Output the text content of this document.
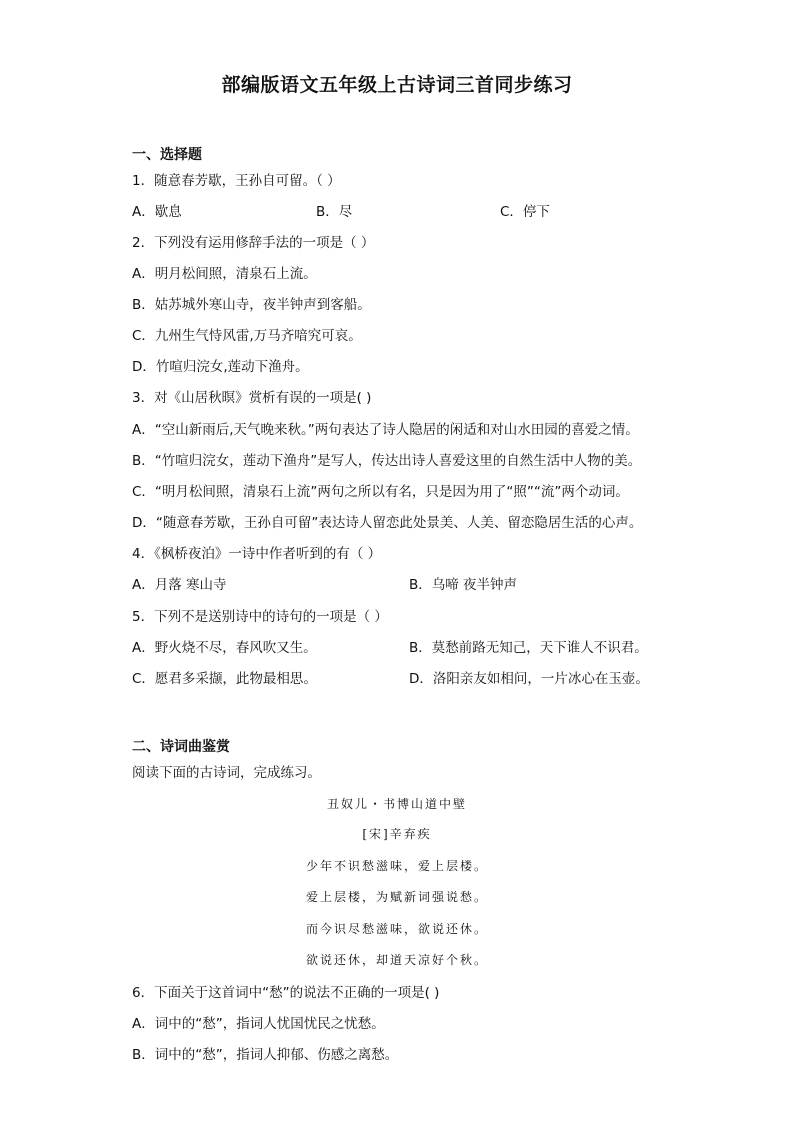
部编版语文五年级上古诗词三首同步练习
一、选择题
1．随意春芳歇，王孙自可留。（ ）
A．歇息	B．尽	C．停下
2．下列没有运用修辞手法的一项是（ ）
A．明月松间照，清泉石上流。
B．姑苏城外寒山寺，夜半钟声到客船。
C．九州生气恃风雷,万马齐喑究可哀。
D．竹喧归浣女,莲动下渔舟。
3．对《山居秋暝》赏析有误的一项是( )
A．“空山新雨后,天气晚来秋。”两句表达了诗人隐居的闲适和对山水田园的喜爱之情。
B．“竹喧归浣女，莲动下渔舟”是写人，传达出诗人喜爱这里的自然生活中人物的美。
C．“明月松间照，清泉石上流”两句之所以有名，只是因为用了“照”“流”两个动词。
D．“随意春芳歇，王孙自可留”表达诗人留恋此处景美、人美、留恋隐居生活的心声。
4．《枫桥夜泊》一诗中作者听到的有（ ）
A．月落 寒山寺	B．乌啼 夜半钟声
5．下列不是送别诗中的诗句的一项是（ ）
A．野火烧不尽，春风吹又生。	B．莫愁前路无知己，天下谁人不识君。
C．愿君多采撷，此物最相思。	D．洛阳亲友如相问，一片冰心在玉壶。
二、诗词曲鉴赏
阅读下面的古诗词，完成练习。
丑奴儿・书博山道中壁
[宋]辛弃疾
少年不识愁滋味，爱上层楼。
爱上层楼，为赋新词强说愁。
而今识尽愁滋味，欲说还休。
欲说还休，却道天凉好个秋。
6．下面关于这首词中“愁”的说法不正确的一项是( )
A．词中的“愁”，指词人忧国忧民之忧愁。
B．词中的“愁”，指词人抑郁、伤感之离愁。
